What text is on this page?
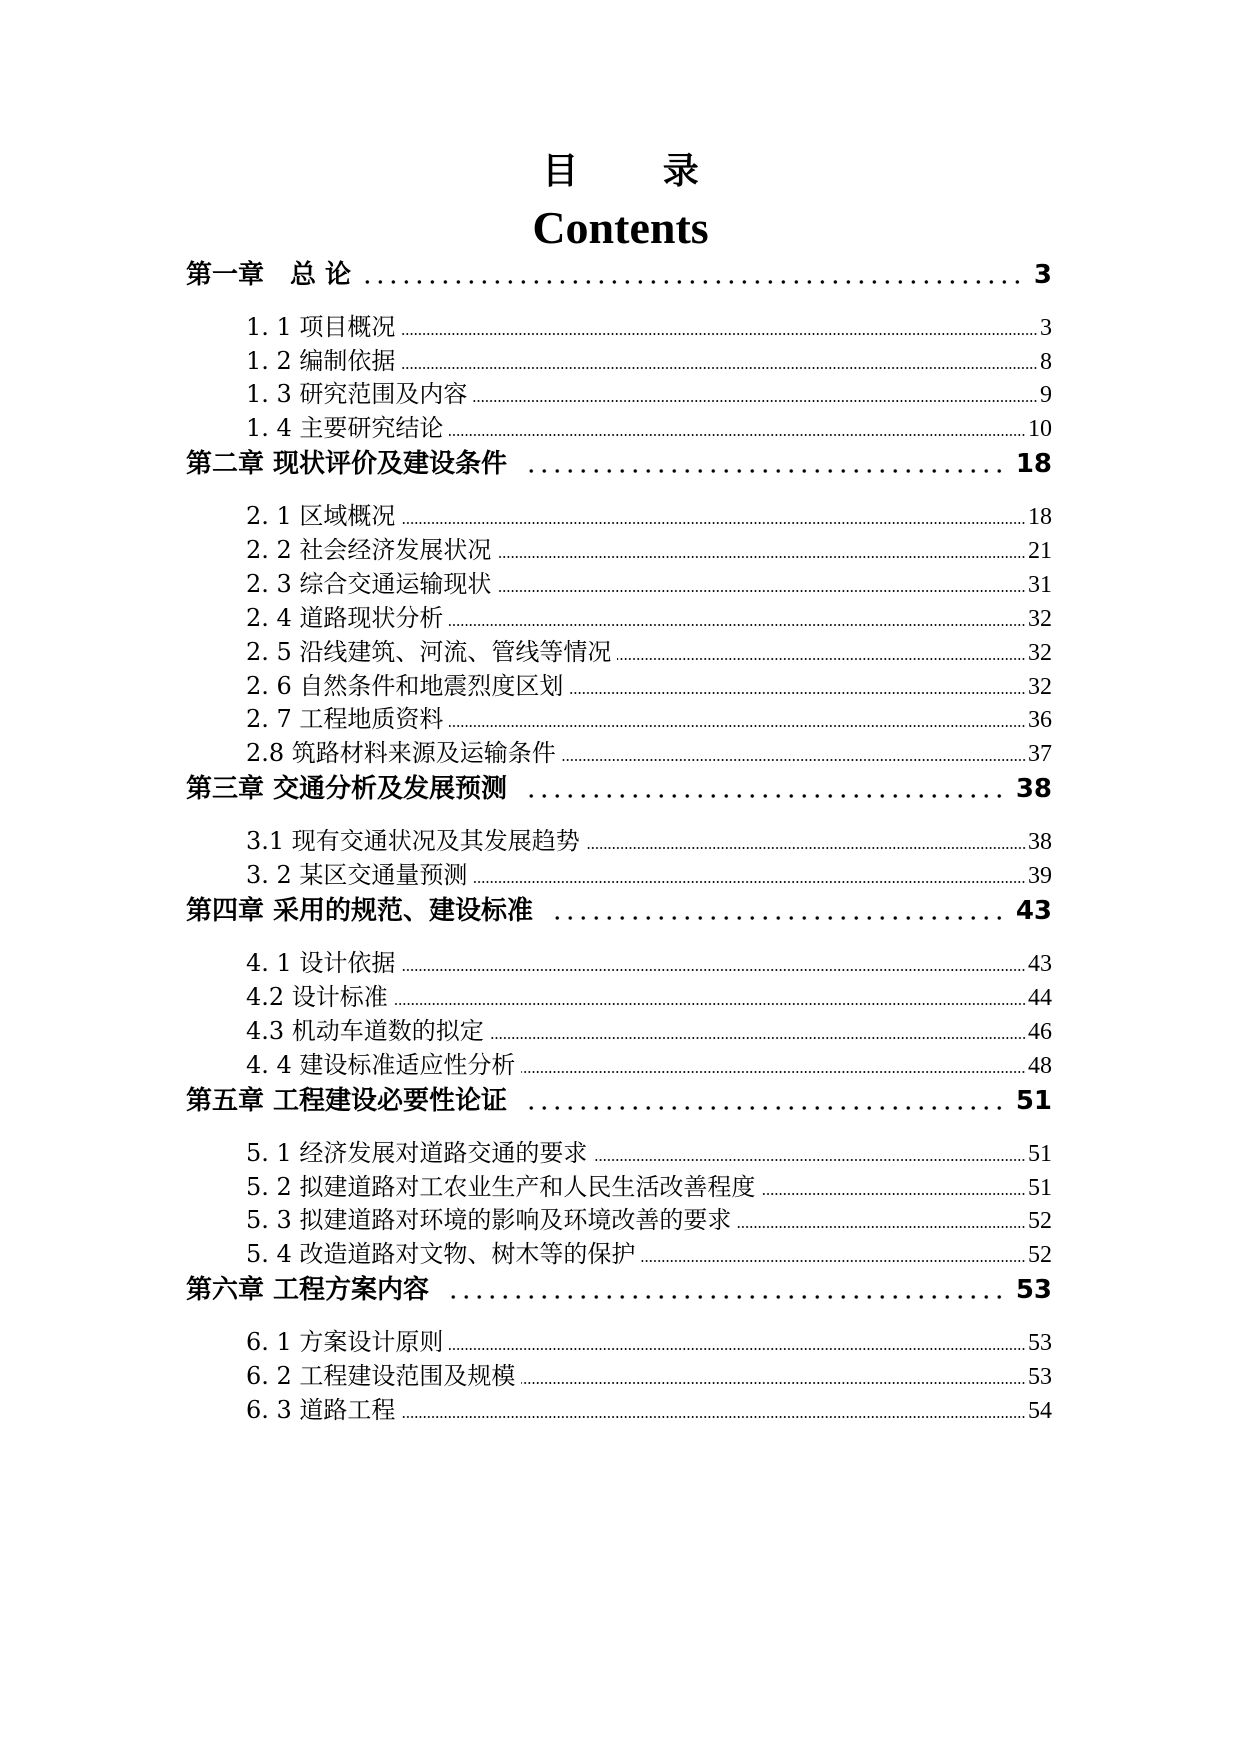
目 录
Contents
第一章　总 论	3
1. 1 项目概况	3
1. 2 编制依据	8
1. 3 研究范围及内容	9
1. 4 主要研究结论	10
第二章 现状评价及建设条件	18
2. 1 区域概况	18
2. 2 社会经济发展状况	21
2. 3 综合交通运输现状	31
2. 4 道路现状分析	32
2. 5 沿线建筑、河流、管线等情况	32
2. 6 自然条件和地震烈度区划	32
2. 7 工程地质资料	36
2.8 筑路材料来源及运输条件	37
第三章 交通分析及发展预测	38
3.1 现有交通状况及其发展趋势	38
3. 2 某区交通量预测	39
第四章 采用的规范、建设标准	43
4. 1 设计依据	43
4.2 设计标准	44
4.3 机动车道数的拟定	46
4. 4 建设标准适应性分析	48
第五章 工程建设必要性论证	51
5. 1 经济发展对道路交通的要求	51
5. 2 拟建道路对工农业生产和人民生活改善程度	51
5. 3 拟建道路对环境的影响及环境改善的要求	52
5. 4 改造道路对文物、树木等的保护	52
第六章 工程方案内容	53
6. 1 方案设计原则	53
6. 2 工程建设范围及规模	53
6. 3 道路工程	54
